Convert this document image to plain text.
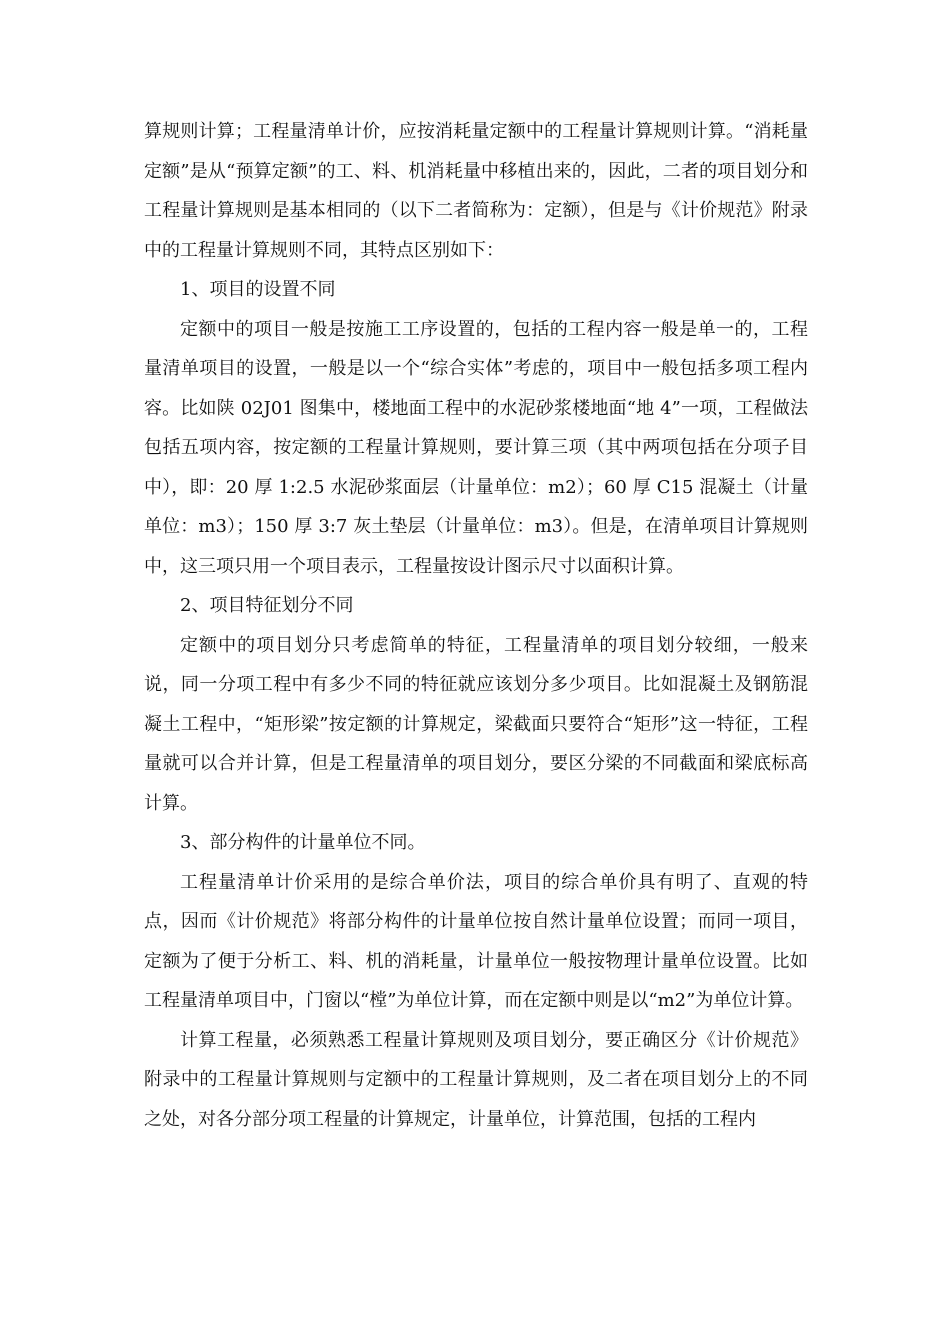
算规则计算；工程量清单计价，应按消耗量定额中的工程量计算规则计算。“消耗量定额”是从“预算定额”的工、料、机消耗量中移植出来的，因此，二者的项目划分和工程量计算规则是基本相同的（以下二者简称为：定额），但是与《计价规范》附录中的工程量计算规则不同，其特点区别如下：

1、项目的设置不同

定额中的项目一般是按施工工序设置的，包括的工程内容一般是单一的，工程量清单项目的设置，一般是以一个“综合实体”考虑的，项目中一般包括多项工程内容。比如陕 02J01 图集中，楼地面工程中的水泥砂浆楼地面“地 4”一项，工程做法包括五项内容，按定额的工程量计算规则，要计算三项（其中两项包括在分项子目中），即：20 厚 1:2.5 水泥砂浆面层（计量单位：m2）；60 厚 C15 混凝土（计量单位：m3）；150 厚 3:7 灰土垫层（计量单位：m3）。但是，在清单项目计算规则中，这三项只用一个项目表示，工程量按设计图示尺寸以面积计算。

2、项目特征划分不同

定额中的项目划分只考虑简单的特征，工程量清单的项目划分较细，一般来说，同一分项工程中有多少不同的特征就应该划分多少项目。比如混凝土及钢筋混凝土工程中，“矩形梁”按定额的计算规定，梁截面只要符合“矩形”这一特征，工程量就可以合并计算，但是工程量清单的项目划分，要区分梁的不同截面和梁底标高计算。

3、部分构件的计量单位不同。

工程量清单计价采用的是综合单价法，项目的综合单价具有明了、直观的特点，因而《计价规范》将部分构件的计量单位按自然计量单位设置；而同一项目，定额为了便于分析工、料、机的消耗量，计量单位一般按物理计量单位设置。比如工程量清单项目中，门窗以“樘”为单位计算，而在定额中则是以“m2”为单位计算。

计算工程量，必须熟悉工程量计算规则及项目划分，要正确区分《计价规范》附录中的工程量计算规则与定额中的工程量计算规则，及二者在项目划分上的不同之处，对各分部分项工程量的计算规定，计量单位，计算范围，包括的工程内
